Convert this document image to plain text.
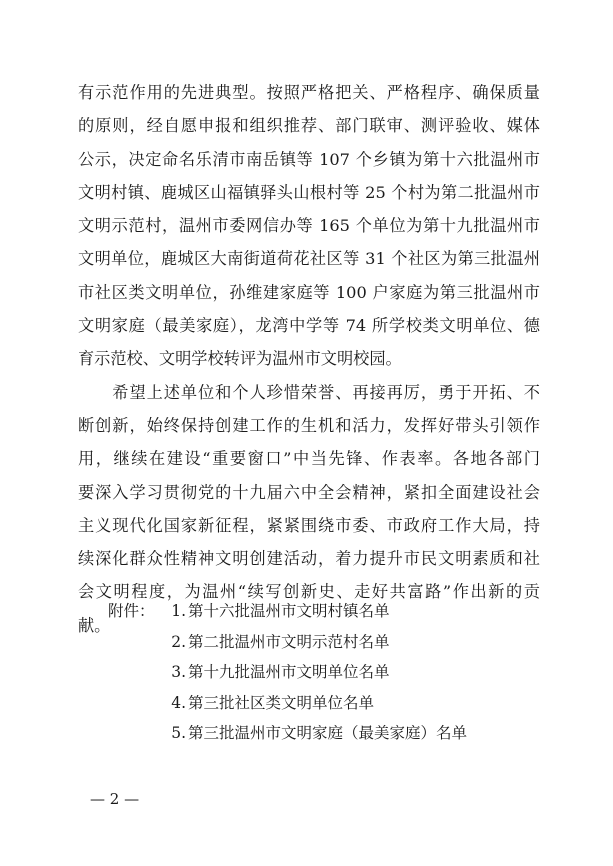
有示范作用的先进典型。按照严格把关、严格程序、确保质量
的原则，经自愿申报和组织推荐、部门联审、测评验收、媒体
公示，决定命名乐清市南岳镇等 107 个乡镇为第十六批温州市
文明村镇、鹿城区山福镇驿头山根村等 25 个村为第二批温州市
文明示范村，温州市委网信办等 165 个单位为第十九批温州市
文明单位，鹿城区大南街道荷花社区等 31 个社区为第三批温州
市社区类文明单位，孙维建家庭等 100 户家庭为第三批温州市
文明家庭（最美家庭），龙湾中学等 74 所学校类文明单位、德
育示范校、文明学校转评为温州市文明校园。
　　希望上述单位和个人珍惜荣誉、再接再厉，勇于开拓、不
断创新，始终保持创建工作的生机和活力，发挥好带头引领作
用，继续在建设“重要窗口”中当先锋、作表率。各地各部门
要深入学习贯彻党的十九届六中全会精神，紧扣全面建设社会
主义现代化国家新征程，紧紧围绕市委、市政府工作大局，持
续深化群众性精神文明创建活动，着力提升市民文明素质和社
会文明程度，为温州“续写创新史、走好共富路”作出新的贡
献。
附件：	1. 第十六批温州市文明村镇名单
2. 第二批温州市文明示范村名单
3. 第十九批温州市文明单位名单
4. 第三批社区类文明单位名单
5. 第三批温州市文明家庭（最美家庭）名单
— 2 —
